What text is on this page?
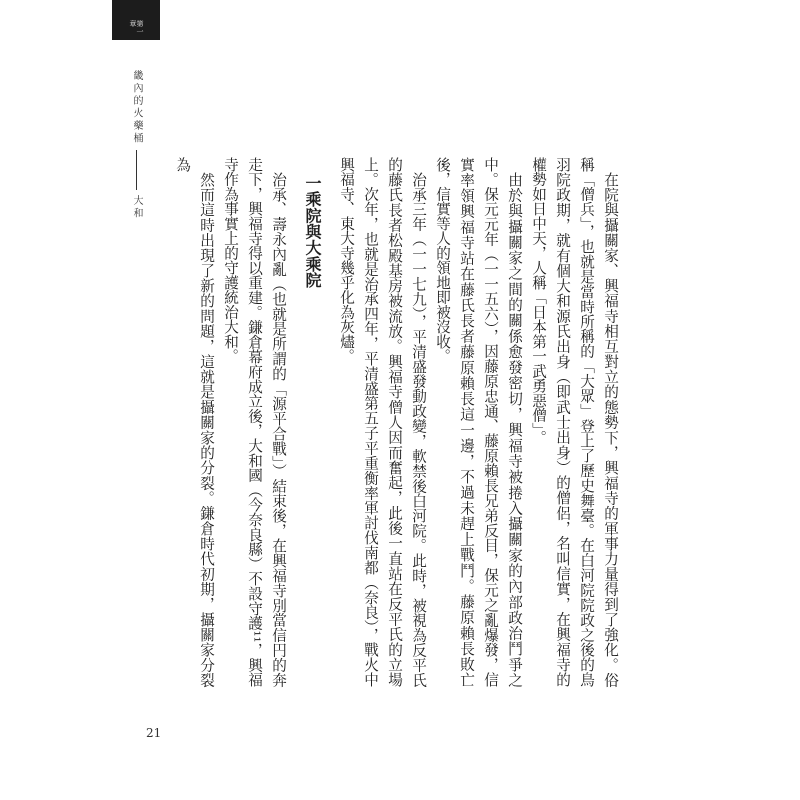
第一章
畿內的火藥桶
大和	在院與攝關家、興福寺相互對立的態勢下，興福寺的軍事力量得到了強化。俗稱「僧兵」，也就是當時所稱的「大眾」登上了歷史舞臺。在白河院院政之後的鳥羽院政期，就有個大和源氏出身（即武士出身）的僧侶，名叫信實，在興福寺的權勢如日中天，人稱「日本第一武勇惡僧」。

由於與攝關家之間的關係愈發密切，興福寺被捲入攝關家的內部政治鬥爭之中。保元元年（一一五六），因藤原忠通、藤原賴長兄弟反目，保元之亂爆發，信實率領興福寺站在藤氏長者藤原賴長這一邊，不過未趕上戰鬥。藤原賴長敗亡後，信實等人的領地即被沒收。

治承三年（一一七九），平清盛發動政變，軟禁後白河院。此時，被視為反平氏的藤氏長者松殿基房被流放。興福寺僧人因而奮起，此後一直站在反平氏的立場上。次年，也就是治承四年，平清盛第五子平重衡率軍討伐南都（奈良），戰火中興福寺、東大寺幾乎化為灰燼。

一乘院與大乘院

治承、壽永內亂（也就是所謂的「源平合戰」）結束後，在興福寺別當信円的奔走下，興福寺得以重建。鎌倉幕府成立後，大和國（今奈良縣）不設守護¹¹，興福寺作為事實上的守護統治大和。

然而這時出現了新的問題，這就是攝關家的分裂。鎌倉時代初期，攝關家分裂為

21
